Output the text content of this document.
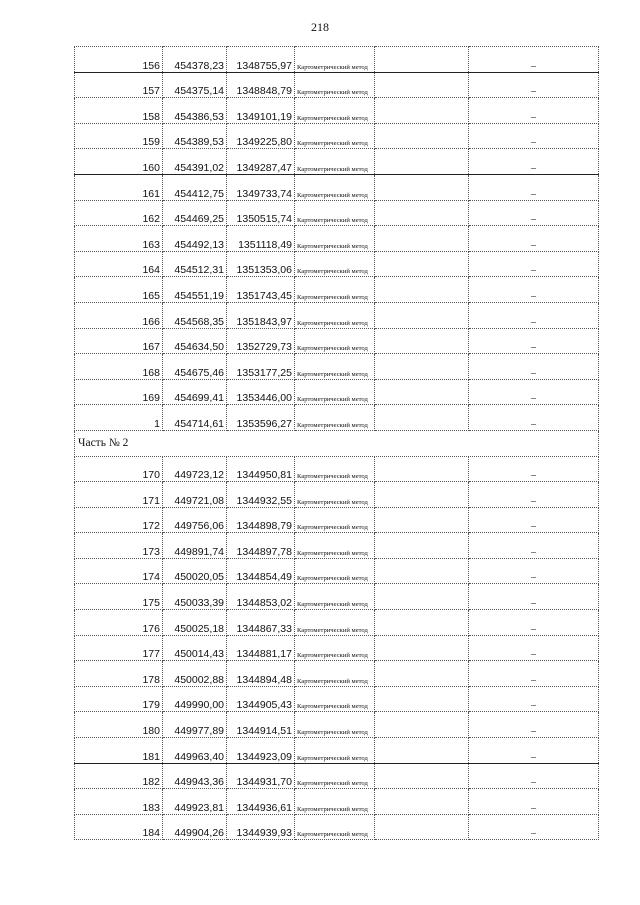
218
156	454378,23	1348755,97	Картометрический метод		–
157	454375,14	1348848,79	Картометрический метод		–
158	454386,53	1349101,19	Картометрический метод		–
159	454389,53	1349225,80	Картометрический метод		–
160	454391,02	1349287,47	Картометрический метод		–
161	454412,75	1349733,74	Картометрический метод		–
162	454469,25	1350515,74	Картометрический метод		–
163	454492,13	1351118,49	Картометрический метод		–
164	454512,31	1351353,06	Картометрический метод		–
165	454551,19	1351743,45	Картометрический метод		–
166	454568,35	1351843,97	Картометрический метод		–
167	454634,50	1352729,73	Картометрический метод		–
168	454675,46	1353177,25	Картометрический метод		–
169	454699,41	1353446,00	Картометрический метод		–
1	454714,61	1353596,27	Картометрический метод		–
Часть № 2					
170	449723,12	1344950,81	Картометрический метод		–
171	449721,08	1344932,55	Картометрический метод		–
172	449756,06	1344898,79	Картометрический метод		–
173	449891,74	1344897,78	Картометрический метод		–
174	450020,05	1344854,49	Картометрический метод		–
175	450033,39	1344853,02	Картометрический метод		–
176	450025,18	1344867,33	Картометрический метод		–
177	450014,43	1344881,17	Картометрический метод		–
178	450002,88	1344894,48	Картометрический метод		–
179	449990,00	1344905,43	Картометрический метод		–
180	449977,89	1344914,51	Картометрический метод		–
181	449963,40	1344923,09	Картометрический метод		–
182	449943,36	1344931,70	Картометрический метод		–
183	449923,81	1344936,61	Картометрический метод		–
184	449904,26	1344939,93	Картометрический метод		–
